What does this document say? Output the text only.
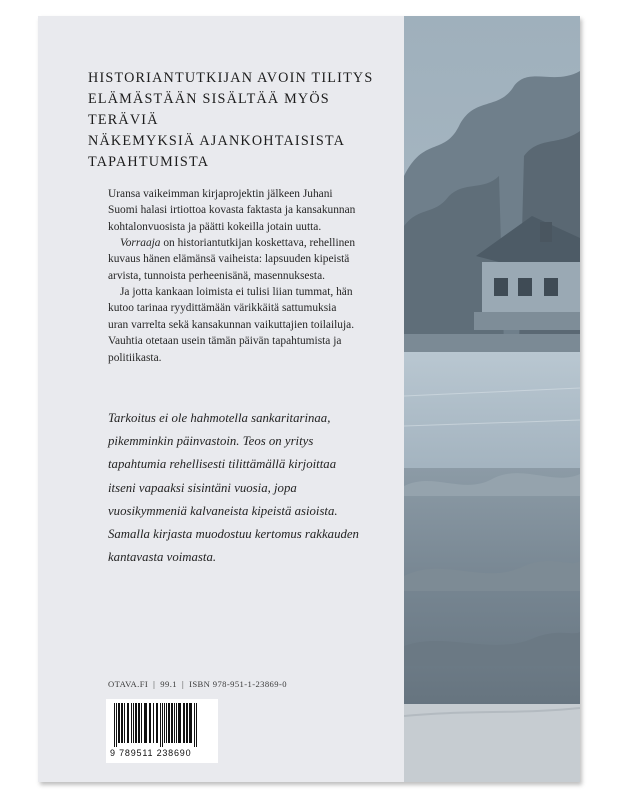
HISTORIANTUTKIJAN AVOIN TILITYS
ELÄMÄSTÄÄN SISÄLTÄÄ MYÖS TERÄVIÄ
NÄKEMYKSIÄ AJANKOHTAISISTA
TAPAHTUMISTA

Uransa vaikeimman kirjaprojektin jälkeen Juhani
Suomi halasi irtiottoa kovasta faktasta ja kansakunnan
kohtalonvuosista ja päätti kokeilla jotain uutta.

Vorraaja on historiantutkijan koskettava, rehellinen
kuvaus hänen elämänsä vaiheista: lapsuuden kipeistä
arvista, tunnoista perheenisänä, masennuksesta.

Ja jotta kankaan loimista ei tulisi liian tummat, hän
kutoo tarinaa ryydittämään värikkäitä sattumuksia
uran varrelta sekä kansakunnan vaikuttajien toilailuja.
Vauhtia otetaan usein tämän päivän tapahtumista ja
politiikasta.

Tarkoitus ei ole hahmotella sankaritarinaa,
pikemminkin päinvastoin. Teos on yritys
tapahtumia rehellisesti tilittämällä kirjoittaa
itseni vapaaksi sisintäni vuosia, jopa
vuosikymmeniä kalvaneista kipeistä asioista.
Samalla kirjasta muodostuu kertomus rakkauden
kantavasta voimasta.

OTAVA.FI | 99.1 | ISBN 978-951-1-23869-0
9 789511 238690
